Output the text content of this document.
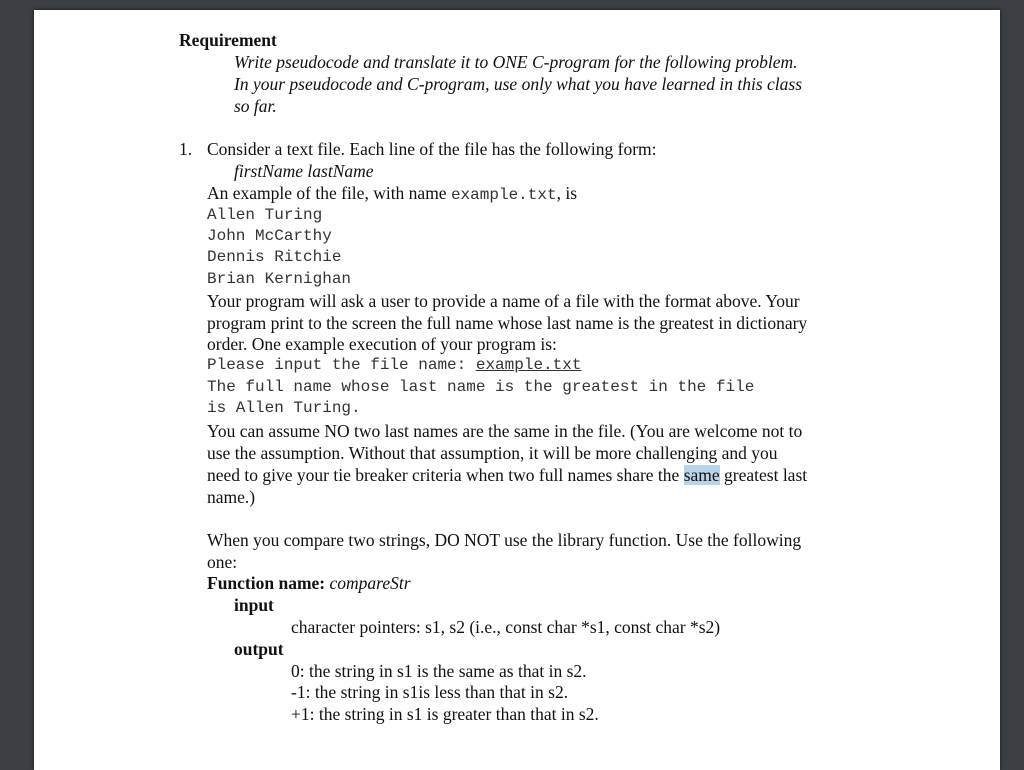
Requirement
Write pseudocode and translate it to ONE C-program for the following problem.
In your pseudocode and C-program, use only what you have learned in this class
so far.
1. Consider a text file. Each line of the file has the following form:
firstName lastName
An example of the file, with name example.txt, is
Allen Turing
John McCarthy
Dennis Ritchie
Brian Kernighan
Your program will ask a user to provide a name of a file with the format above. Your
program print to the screen the full name whose last name is the greatest in dictionary
order. One example execution of your program is:
Please input the file name: example.txt
The full name whose last name is the greatest in the file
is Allen Turing.
You can assume NO two last names are the same in the file. (You are welcome not to
use the assumption. Without that assumption, it will be more challenging and you
need to give your tie breaker criteria when two full names share the same greatest last
name.)
When you compare two strings, DO NOT use the library function. Use the following
one:
Function name: compareStr
input
character pointers: s1, s2 (i.e., const char *s1, const char *s2)
output
0: the string in s1 is the same as that in s2.
-1: the string in s1is less than that in s2.
+1: the string in s1 is greater than that in s2.
